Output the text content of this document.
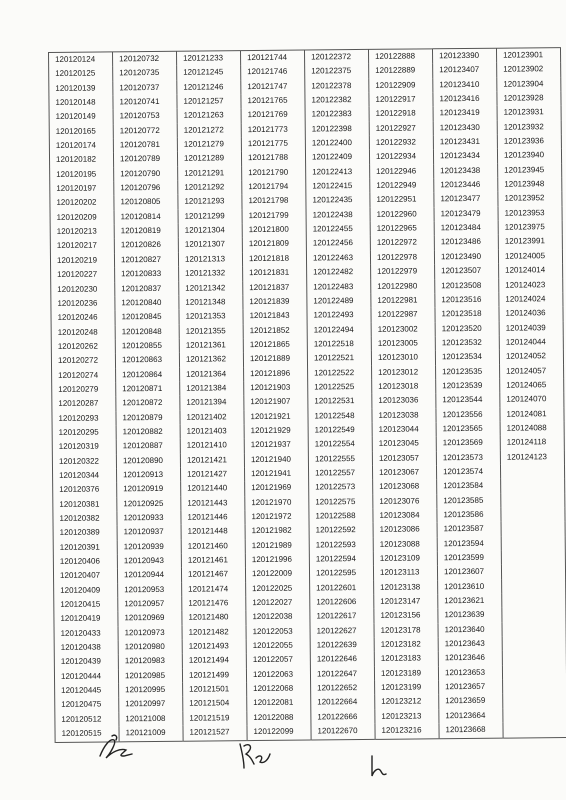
120120124	120120732	120121233	120121744	120122372	120122888	120123390	120123901
120120125	120120735	120121245	120121746	120122375	120122889	120123407	120123902
120120139	120120737	120121246	120121747	120122378	120122909	120123410	120123904
120120148	120120741	120121257	120121765	120122382	120122917	120123416	120123928
120120149	120120753	120121263	120121769	120122383	120122918	120123419	120123931
120120165	120120772	120121272	120121773	120122398	120122927	120123430	120123932
120120174	120120781	120121279	120121775	120122400	120122932	120123431	120123936
120120182	120120789	120121289	120121788	120122409	120122934	120123434	120123940
120120195	120120790	120121291	120121790	120122413	120122946	120123438	120123945
120120197	120120796	120121292	120121794	120122415	120122949	120123446	120123948
120120202	120120805	120121293	120121798	120122435	120122951	120123477	120123952
120120209	120120814	120121299	120121799	120122438	120122960	120123479	120123953
120120213	120120819	120121304	120121800	120122455	120122965	120123484	120123975
120120217	120120826	120121307	120121809	120122456	120122972	120123486	120123991
120120219	120120827	120121313	120121818	120122463	120122978	120123490	120124005
120120227	120120833	120121332	120121831	120122482	120122979	120123507	120124014
120120230	120120837	120121342	120121837	120122483	120122980	120123508	120124023
120120236	120120840	120121348	120121839	120122489	120122981	120123516	120124024
120120246	120120845	120121353	120121843	120122493	120122987	120123518	120124036
120120248	120120848	120121355	120121852	120122494	120123002	120123520	120124039
120120262	120120855	120121361	120121865	120122518	120123005	120123532	120124044
120120272	120120863	120121362	120121889	120122521	120123010	120123534	120124052
120120274	120120864	120121364	120121896	120122522	120123012	120123535	120124057
120120279	120120871	120121384	120121903	120122525	120123018	120123539	120124065
120120287	120120872	120121394	120121907	120122531	120123036	120123544	120124070
120120293	120120879	120121402	120121921	120122548	120123038	120123556	120124081
120120295	120120882	120121403	120121929	120122549	120123044	120123565	120124088
120120319	120120887	120121410	120121937	120122554	120123045	120123569	120124118
120120322	120120890	120121421	120121940	120122555	120123057	120123573	120124123
120120344	120120913	120121427	120121941	120122557	120123067	120123574	
120120376	120120919	120121440	120121969	120122573	120123068	120123584	
120120381	120120925	120121443	120121970	120122575	120123076	120123585	
120120382	120120933	120121446	120121972	120122588	120123084	120123586	
120120389	120120937	120121448	120121982	120122592	120123086	120123587	
120120391	120120939	120121460	120121989	120122593	120123088	120123594	
120120406	120120943	120121461	120121996	120122594	120123109	120123599	
120120407	120120944	120121467	120122009	120122595	120123113	120123607	
120120409	120120953	120121474	120122025	120122601	120123138	120123610	
120120415	120120957	120121476	120122027	120122606	120123147	120123621	
120120419	120120969	120121480	120122038	120122617	120123156	120123639	
120120433	120120973	120121482	120122053	120122627	120123178	120123640	
120120438	120120980	120121493	120122055	120122639	120123182	120123643	
120120439	120120983	120121494	120122057	120122646	120123183	120123646	
120120444	120120985	120121499	120122063	120122647	120123189	120123653	
120120445	120120995	120121501	120122068	120122652	120123199	120123657	
120120475	120120997	120121504	120122081	120122664	120123212	120123659	
120120512	120121008	120121519	120122088	120122666	120123213	120123664	
120120515	120121009	120121527	120122099	120122670	120123216	120123668	
